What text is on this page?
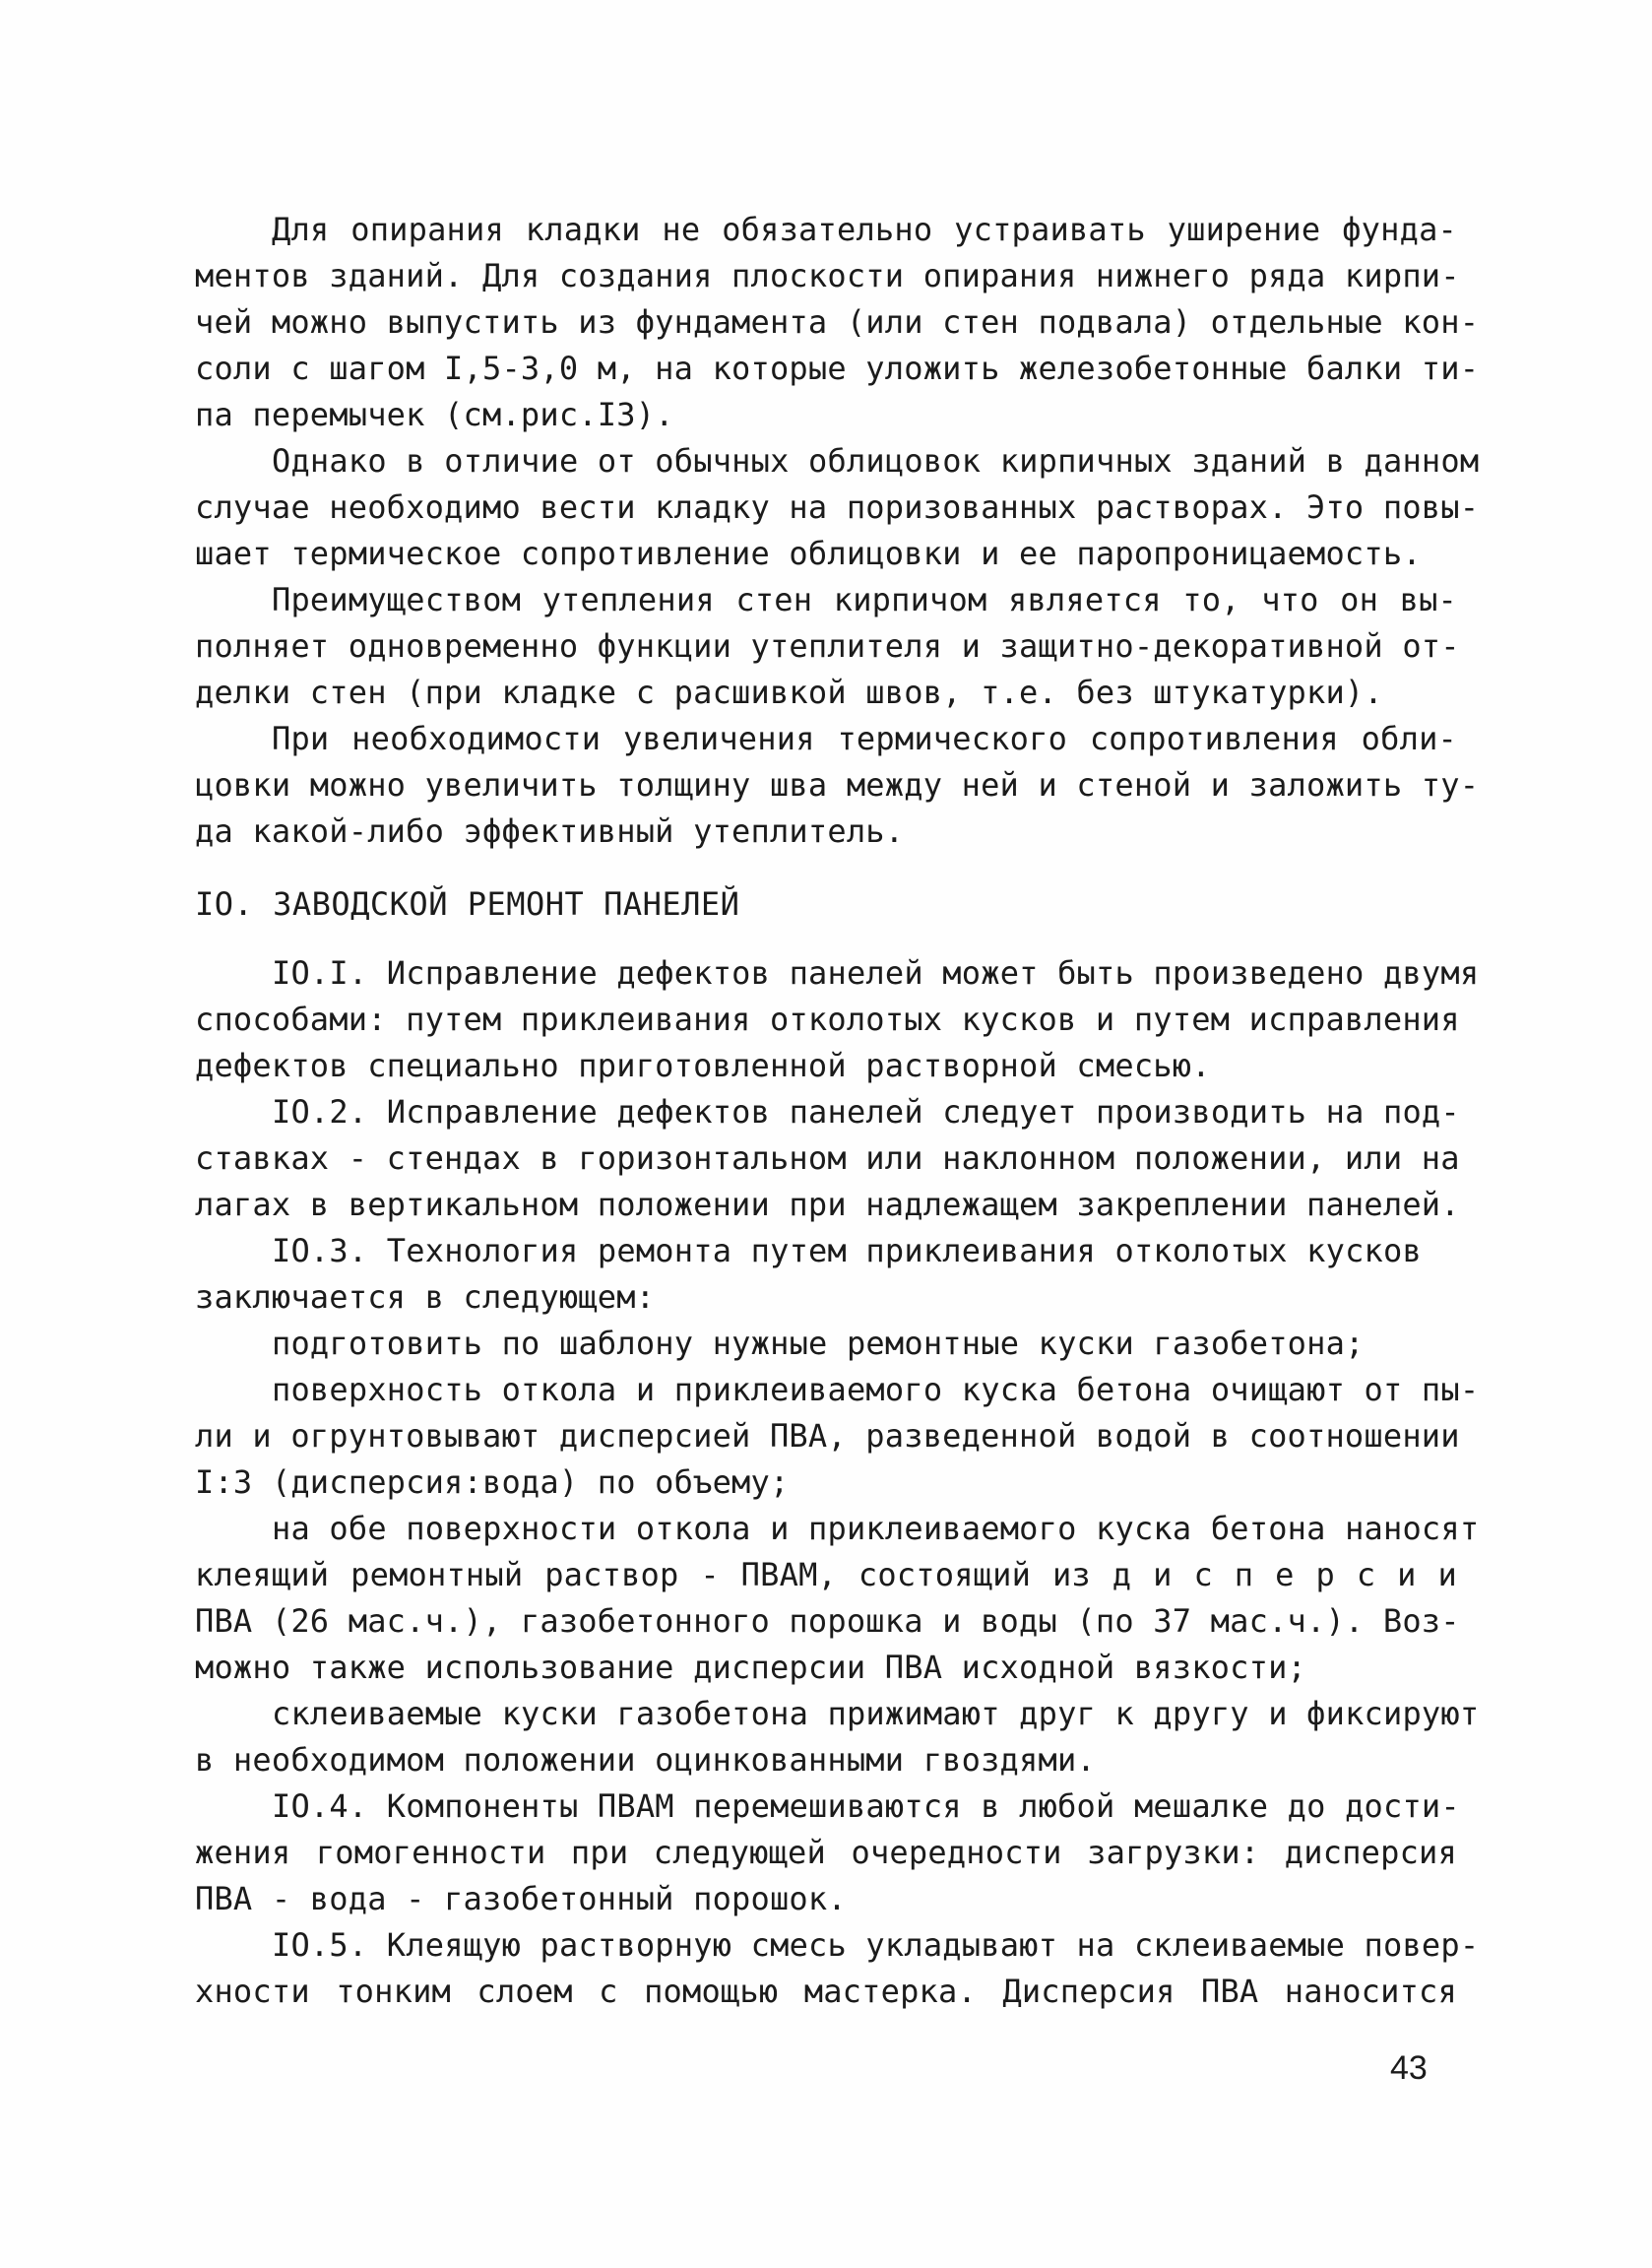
Для опирания кладки не обязательно устраивать уширение фунда-
ментов зданий. Для создания плоскости опирания нижнего ряда кирпи-
чей можно выпустить из фундамента (или стен подвала) отдельные кон-
соли с шагом I,5-3,0 м, на которые уложить железобетонные балки ти-
па перемычек (см.рис.I3).
Однако в отличие от обычных облицовок кирпичных зданий в данном
случае необходимо вести кладку на поризованных растворах. Это повы-
шает термическое сопротивление облицовки и ее паропроницаемость.
Преимуществом утепления стен кирпичом является то, что он вы-
полняет одновременно функции утеплителя и защитно-декоративной от-
делки стен (при кладке с расшивкой швов, т.е. без штукатурки).
При необходимости увеличения термического сопротивления обли-
цовки можно увеличить толщину шва между ней и стеной и заложить ту-
да какой-либо эффективный утеплитель.
IO. ЗАВОДСКОЙ РЕМОНТ ПАНЕЛЕЙ
IO.I. Исправление дефектов панелей может быть произведено двумя
способами: путем приклеивания отколотых кусков и путем исправления
дефектов специально приготовленной растворной смесью.
IO.2. Исправление дефектов панелей следует производить на под-
ставках - стендах в горизонтальном или наклонном положении, или на
лагах в вертикальном положении при надлежащем закреплении панелей.
IO.3. Технология ремонта путем приклеивания отколотых кусков
заключается в следующем:
подготовить по шаблону нужные ремонтные куски газобетона;
поверхность откола и приклеиваемого куска бетона очищают от пы-
ли и огрунтовывают дисперсией ПВА, разведенной водой в соотношении
I:3 (дисперсия:вода) по объему;
на обе поверхности откола и приклеиваемого куска бетона наносят
клеящий ремонтный раствор - ПВАМ, состоящий из д и с п е р с и и
ПВА (26 мас.ч.), газобетонного порошка и воды (по 37 мас.ч.). Воз-
можно также использование дисперсии ПВА исходной вязкости;
склеиваемые куски газобетона прижимают друг к другу и фиксируют
в необходимом положении оцинкованными гвоздями.
IO.4. Компоненты ПВАМ перемешиваются в любой мешалке до дости-
жения гомогенности при следующей очередности загрузки: дисперсия
ПВА - вода - газобетонный порошок.
IO.5. Клеящую растворную смесь укладывают на склеиваемые повер-
хности тонким слоем с помощью мастерка. Дисперсия ПВА наносится
43
